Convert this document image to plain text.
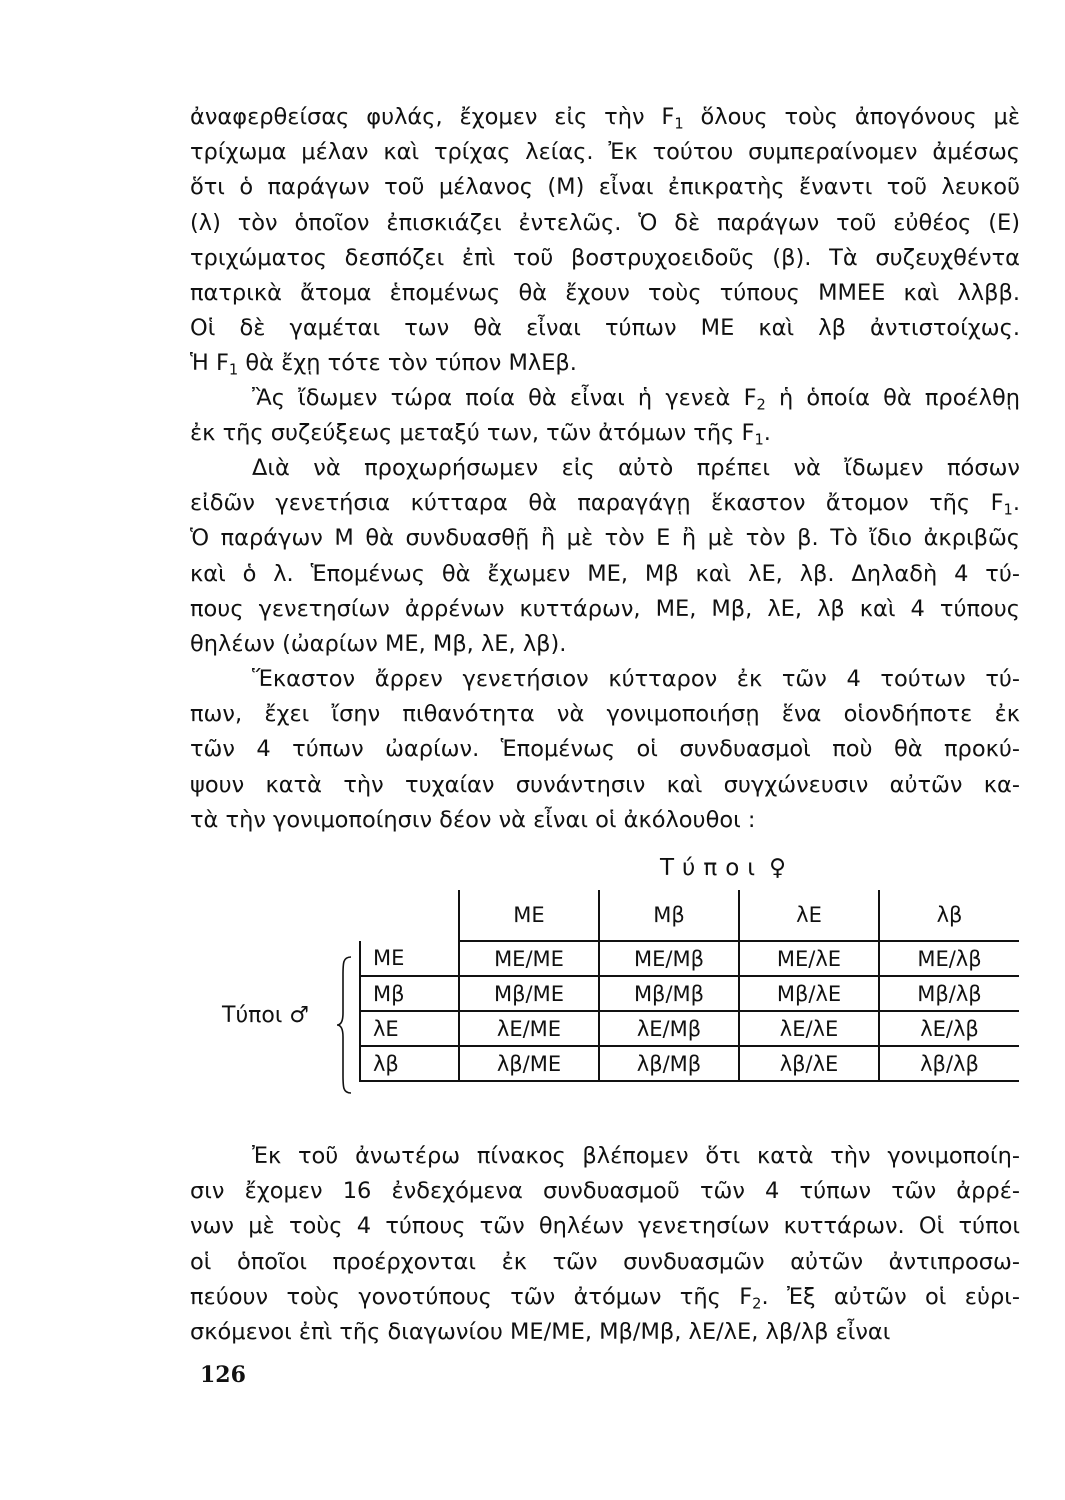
ἀναφερθείσας φυλάς, ἔχομεν εἰς τὴν $F_1$ ὅλους τοὺς ἀπογόνους μὲ
τρίχωμα μέλαν καὶ τρίχας λείας. Ἐκ τούτου συμπεραίνομεν ἀμέσως
ὅτι ὁ παράγων τοῦ μέλανος (Μ) εἶναι ἐπικρατὴς ἔναντι τοῦ λευκοῦ
(λ) τὸν ὁποῖον ἐπισκιάζει ἐντελῶς. Ὁ δὲ παράγων τοῦ εὐθέος (Ε)
τριχώματος δεσπόζει ἐπὶ τοῦ βοστρυχοειδοῦς (β). Τὰ συζευχθέντα
πατρικὰ ἄτομα ἑπομένως θὰ ἔχουν τοὺς τύπους ΜΜΕΕ καὶ λλββ.
Οἱ δὲ γαμέται των θὰ εἶναι τύπων ΜΕ καὶ λβ ἀντιστοίχως.
Ἡ $F_1$ θὰ ἔχῃ τότε τὸν τύπον ΜλΕβ.
Ἂς ἴδωμεν τώρα ποία θὰ εἶναι ἡ γενεὰ $F_2$ ἡ ὁποία θὰ προέλθῃ
ἐκ τῆς συζεύξεως μεταξύ των, τῶν ἀτόμων τῆς $F_1$.
Διὰ νὰ προχωρήσωμεν εἰς αὐτὸ πρέπει νὰ ἴδωμεν πόσων
εἰδῶν γενετήσια κύτταρα θὰ παραγάγῃ ἕκαστον ἄτομον τῆς $F_1$.
Ὁ παράγων Μ θὰ συνδυασθῇ ἢ μὲ τὸν Ε ἢ μὲ τὸν β. Τὸ ἴδιο ἀκριβῶς
καὶ ὁ λ. Ἑπομένως θὰ ἔχωμεν ΜΕ, Μβ καὶ λΕ, λβ. Δηλαδὴ 4 τύ-
πους γενετησίων ἀρρένων κυττάρων, ΜΕ, Μβ, λΕ, λβ καὶ 4 τύπους
θηλέων (ὠαρίων ΜΕ, Μβ, λΕ, λβ).
Ἕκαστον ἄρρεν γενετήσιον κύτταρον ἐκ τῶν 4 τούτων τύ-
πων, ἔχει ἴσην πιθανότητα νὰ γονιμοποιήσῃ ἕνα οἱονδήποτε ἐκ
τῶν 4 τύπων ὠαρίων. Ἑπομένως οἱ συνδυασμοὶ ποὺ θὰ προκύ-
ψουν κατὰ τὴν τυχαίαν συνάντησιν καὶ συγχώνευσιν αὐτῶν κα-
τὰ τὴν γονιμοποίησιν δέον νὰ εἶναι οἱ ἀκόλουθοι :
Ἐκ τοῦ ἀνωτέρω πίνακος βλέπομεν ὅτι κατὰ τὴν γονιμοποίη-
σιν ἔχομεν 16 ἐνδεχόμενα συνδυασμοῦ τῶν 4 τύπων τῶν ἀρρέ-
νων μὲ τοὺς 4 τύπους τῶν θηλέων γενετησίων κυττάρων. Οἱ τύποι
οἱ ὁποῖοι προέρχονται ἐκ τῶν συνδυασμῶν αὐτῶν ἀντιπροσω-
πεύουν τοὺς γονοτύπους τῶν ἀτόμων τῆς $F_2$. Ἐξ αὐτῶν οἱ εὑρι-
σκόμενοι ἐπὶ τῆς διαγωνίου ΜΕ/ΜΕ, Μβ/Μβ, λΕ/λΕ, λβ/λβ εἶναι
Τύποι ♀
Τύποι ♂
	ΜΕ	Μβ	λΕ	λβ
ΜΕ	ΜΕ/ΜΕ	ΜΕ/Μβ	ΜΕ/λΕ	ΜΕ/λβ
Μβ	Μβ/ΜΕ	Μβ/Μβ	Μβ/λΕ	Μβ/λβ
λΕ	λΕ/ΜΕ	λΕ/Μβ	λΕ/λΕ	λΕ/λβ
λβ	λβ/ΜΕ	λβ/Μβ	λβ/λΕ	λβ/λβ
126
